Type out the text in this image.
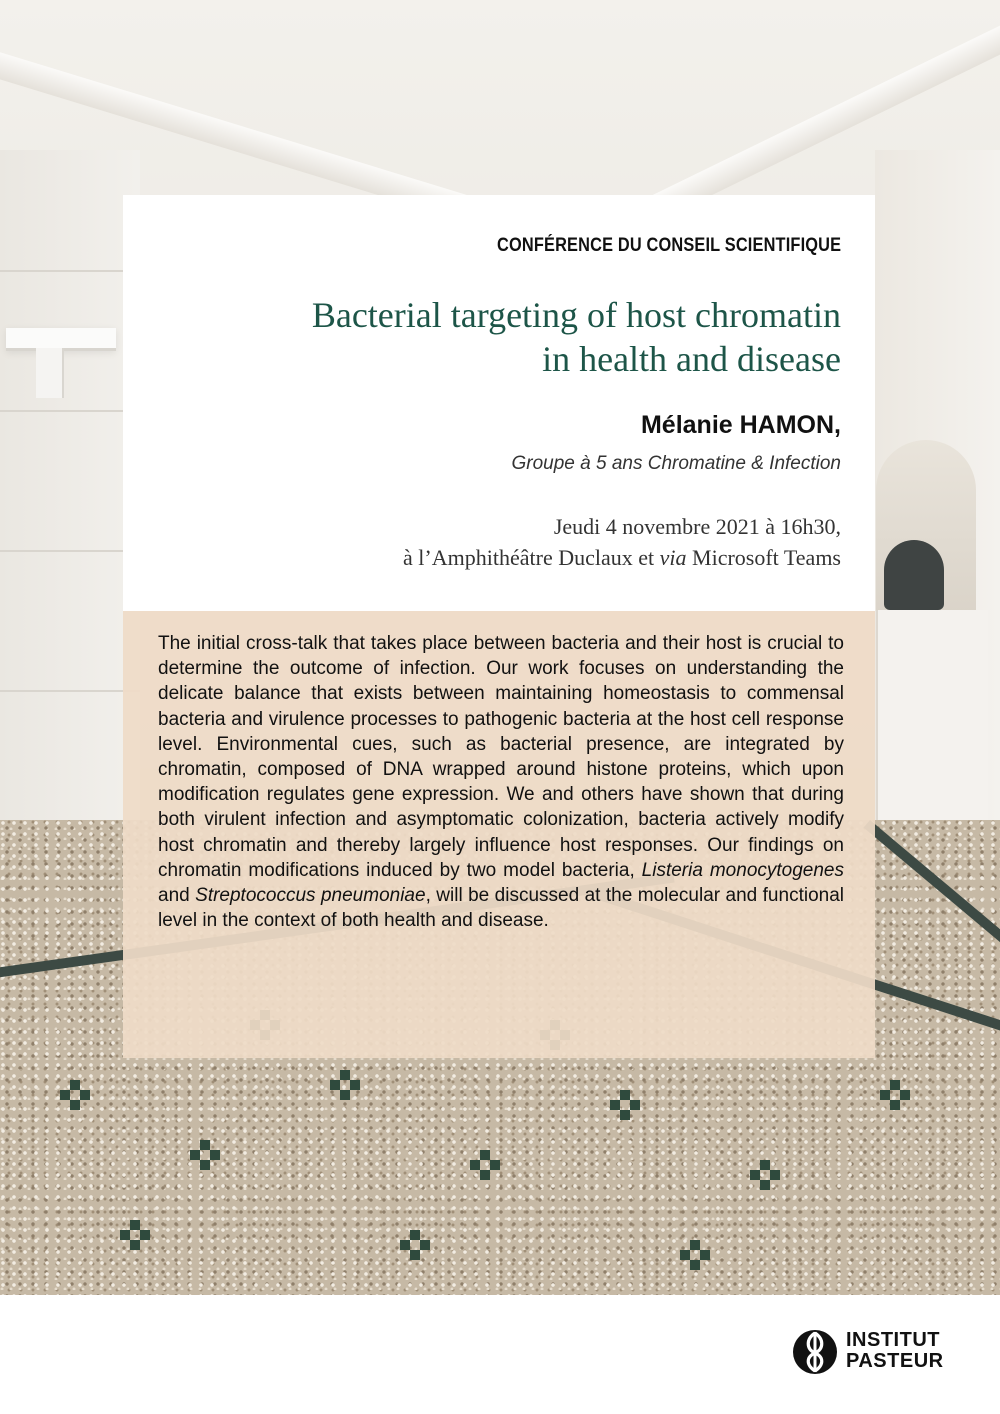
CONFÉRENCE DU CONSEIL SCIENTIFIQUE
Bacterial targeting of host chromatin
in health and disease
Mélanie HAMON,
Groupe à 5 ans Chromatine & Infection
Jeudi 4 novembre 2021 à 16h30,
à l’Amphithéâtre Duclaux et via Microsoft Teams

The initial cross-talk that takes place between bacteria and their host is crucial to determine the outcome of infection. Our work focuses on understanding the delicate balance that exists between maintaining homeostasis to commensal bacteria and virulence processes to pathogenic bacteria at the host cell response level. Environmental cues, such as bacterial presence, are integrated by chromatin, composed of DNA wrapped around histone proteins, which upon modification regulates gene expression. We and others have shown that during both virulent infection and asymptomatic colonization, bacteria actively modify host chromatin and thereby largely influence host responses. Our findings on chromatin modifications induced by two model bacteria, Listeria monocytogenes and Streptococcus pneumoniae, will be discussed at the molecular and functional level in the context of both health and disease.

INSTITUT
PASTEUR
